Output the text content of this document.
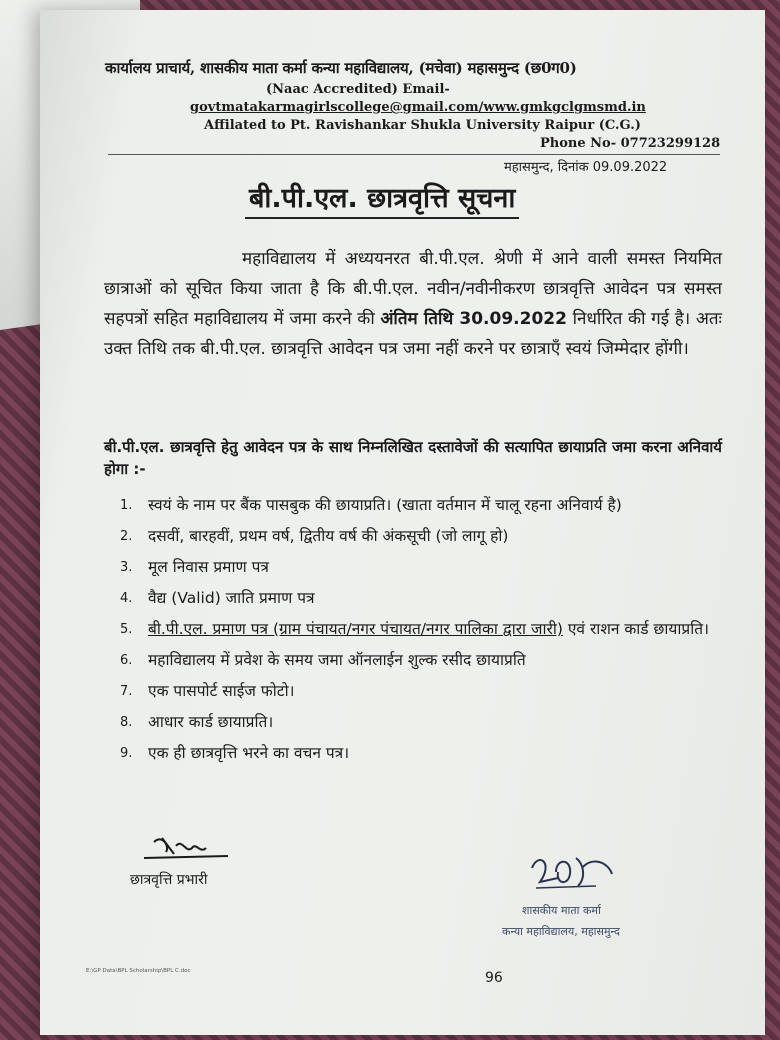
कार्यालय प्राचार्य, शासकीय माता कर्मा कन्या महाविद्यालय, (मचेवा) महासमुन्द (छ0ग0)
(Naac Accredited) Email-
govtmatakarmagirlscollege@gmail.com/www.gmkgclgmsmd.in
Affilated to Pt. Ravishankar Shukla University Raipur (C.G.)
Phone No- 07723299128
महासमुन्द, दिनांक 09.09.2022
बी.पी.एल. छात्रवृत्ति सूचना
महाविद्यालय में अध्ययनरत बी.पी.एल. श्रेणी में आने वाली समस्त नियमित छात्राओं को सूचित किया जाता है कि बी.पी.एल. नवीन/नवीनीकरण छात्रवृत्ति आवेदन पत्र समस्त सहपत्रों सहित महाविद्यालय में जमा करने की अंतिम तिथि 30.09.2022 निर्धारित की गई है। अतः उक्त तिथि तक बी.पी.एल. छात्रवृत्ति आवेदन पत्र जमा नहीं करने पर छात्राएँ स्वयं जिम्मेदार होंगी।
बी.पी.एल. छात्रवृत्ति हेतु आवेदन पत्र के साथ निम्नलिखित दस्तावेजों की सत्यापित छायाप्रति जमा करना अनिवार्य होगा :-
1. स्वयं के नाम पर बैंक पासबुक की छायाप्रति। (खाता वर्तमान में चालू रहना अनिवार्य है)
2. दसवीं, बारहवीं, प्रथम वर्ष, द्वितीय वर्ष की अंकसूची (जो लागू हो)
3. मूल निवास प्रमाण पत्र
4. वैद्य (Valid) जाति प्रमाण पत्र
5. बी.पी.एल. प्रमाण पत्र (ग्राम पंचायत/नगर पंचायत/नगर पालिका द्वारा जारी) एवं राशन कार्ड छायाप्रति।
6. महाविद्यालय में प्रवेश के समय जमा ऑनलाईन शुल्क रसीद छायाप्रति
7. एक पासपोर्ट साईज फोटो।
8. आधार कार्ड छायाप्रति।
9. एक ही छात्रवृत्ति भरने का वचन पत्र।
छात्रवृत्ति प्रभारी
शासकीय माता कर्मा
कन्या महाविद्यालय, महासमुन्द
E:\GP Data\BPL Scholarship\BPL C.doc	96
